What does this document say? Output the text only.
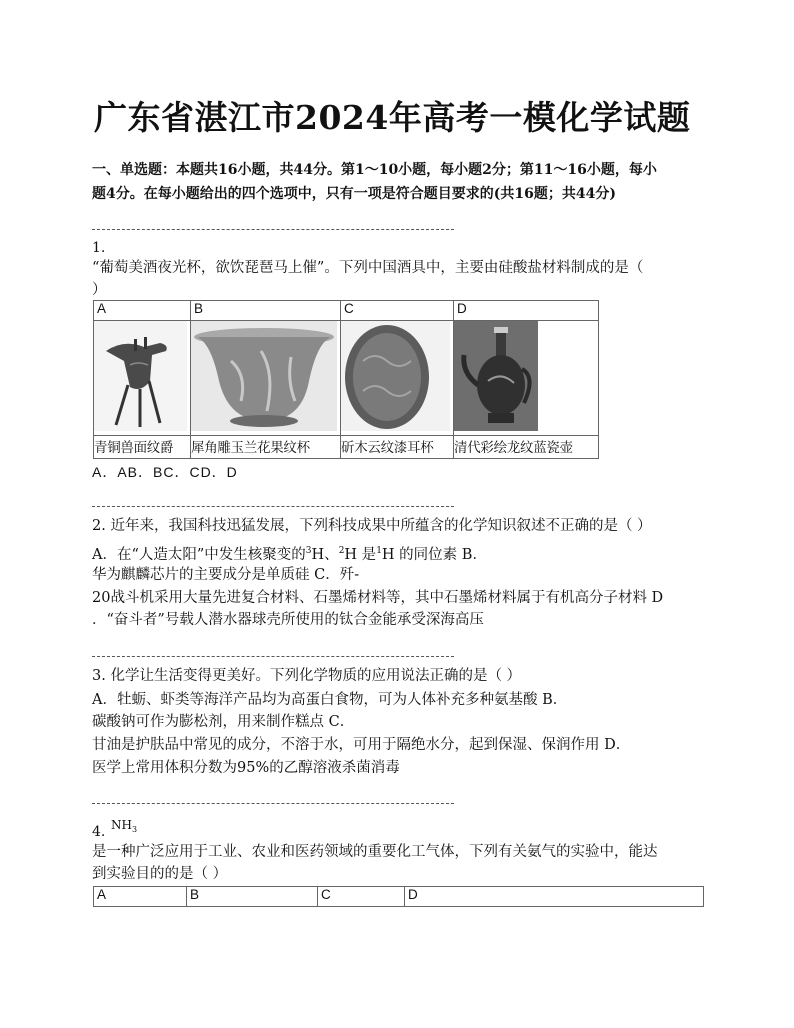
广东省湛江市2024年高考一模化学试题
一、单选题：本题共16小题，共44分。第1～10小题，每小题2分；第11～16小题，每小
题4分。在每小题给出的四个选项中，只有一项是符合题目要求的(共16题；共44分)
1.
“葡萄美酒夜光杯，欲饮琵琶马上催”。下列中国酒具中，主要由硅酸盐材料制成的是（
）
A	B	C	D

青铜兽面纹爵	犀角雕玉兰花果纹杯	斫木云纹漆耳杯	清代彩绘龙纹蓝瓷壶
A．AB．BC．CD．D
2. 近年来，我国科技迅猛发展，下列科技成果中所蕴含的化学知识叙述不正确的是（ ）
A．在“人造太阳”中发生核聚变的$^3$H、$^2$H 是$^1$H 的同位素 B．
华为麒麟芯片的主要成分是单质硅 C．歼-
20战斗机采用大量先进复合材料、石墨烯材料等，其中石墨烯材料属于有机高分子材料 D
．“奋斗者”号载人潜水器球壳所使用的钛合金能承受深海高压
3. 化学让生活变得更美好。下列化学物质的应用说法正确的是（ ）
A．牡蛎、虾类等海洋产品均为高蛋白食物，可为人体补充多种氨基酸 B．
碳酸钠可作为膨松剂，用来制作糕点 C．
甘油是护肤品中常见的成分，不溶于水，可用于隔绝水分，起到保湿、保润作用 D．
医学上常用体积分数为95%的乙醇溶液杀菌消毒
4. $NH_3$
是一种广泛应用于工业、农业和医药领域的重要化工气体，下列有关氨气的实验中，能达
到实验目的的是（ ）
A	B	C	D
